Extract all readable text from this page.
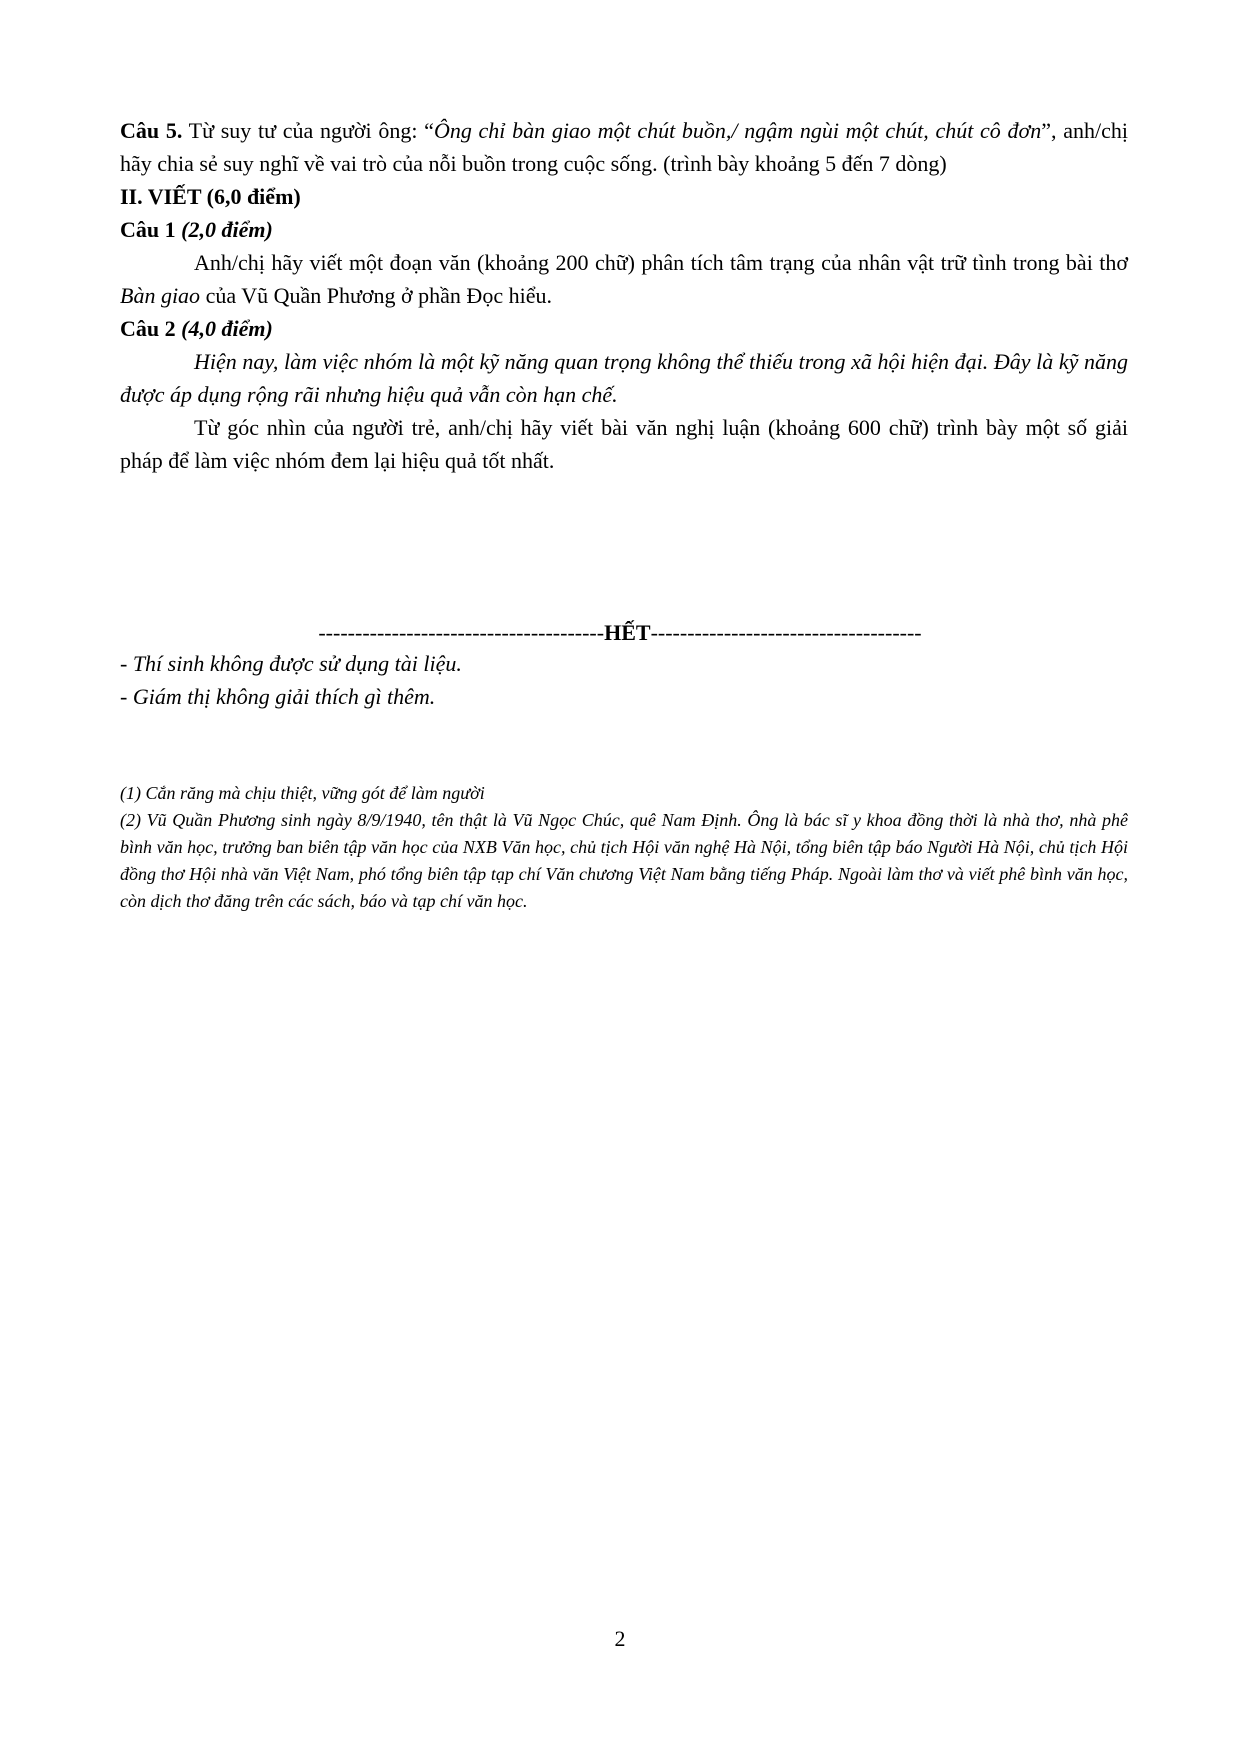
Câu 5. Từ suy tư của người ông: “Ông chỉ bàn giao một chút buồn,/ ngậm ngùi một chút, chút cô đơn”, anh/chị hãy chia sẻ suy nghĩ về vai trò của nỗi buồn trong cuộc sống. (trình bày khoảng 5 đến 7 dòng)

II. VIẾT (6,0 điểm)

Câu 1 (2,0 điểm)

Anh/chị hãy viết một đoạn văn (khoảng 200 chữ) phân tích tâm trạng của nhân vật trữ tình trong bài thơ Bàn giao của Vũ Quần Phương ở phần Đọc hiểu.

Câu 2 (4,0 điểm)

Hiện nay, làm việc nhóm là một kỹ năng quan trọng không thể thiếu trong xã hội hiện đại. Đây là kỹ năng được áp dụng rộng rãi nhưng hiệu quả vẫn còn hạn chế.

Từ góc nhìn của người trẻ, anh/chị hãy viết bài văn nghị luận (khoảng 600 chữ) trình bày một số giải pháp để làm việc nhóm đem lại hiệu quả tốt nhất.

---------------------------------------HẾT-------------------------------------

- Thí sinh không được sử dụng tài liệu.

- Giám thị không giải thích gì thêm.

(1) Cắn răng mà chịu thiệt, vững gót để làm người

(2) Vũ Quần Phương sinh ngày 8/9/1940, tên thật là Vũ Ngọc Chúc, quê Nam Định. Ông là bác sĩ y khoa đồng thời là nhà thơ, nhà phê bình văn học, trưởng ban biên tập văn học của NXB Văn học, chủ tịch Hội văn nghệ Hà Nội, tổng biên tập báo Người Hà Nội, chủ tịch Hội đồng thơ Hội nhà văn Việt Nam, phó tổng biên tập tạp chí Văn chương Việt Nam bằng tiếng Pháp. Ngoài làm thơ và viết phê bình văn học, còn dịch thơ đăng trên các sách, báo và tạp chí văn học.

2
